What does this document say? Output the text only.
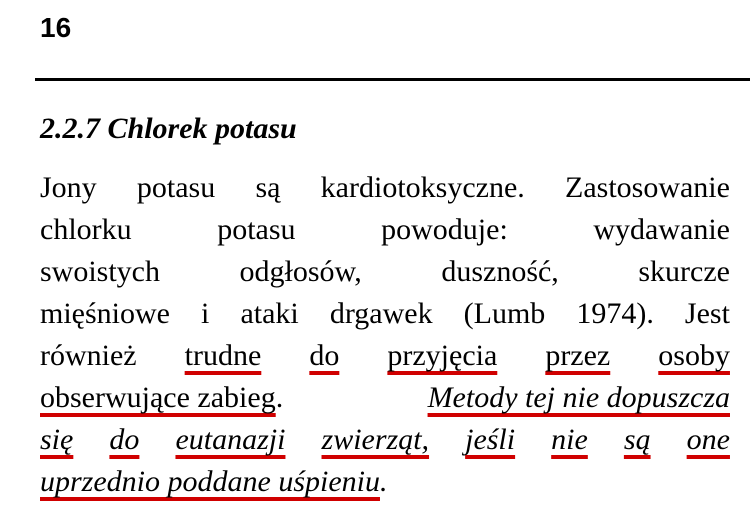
16
2.2.7 Chlorek potasu
Jony potasu są kardiotoksyczne. Zastosowanie
chlorku	potasu	powoduje:	wydawanie
swoistych	odgłosów,	duszność,	skurcze
mięśniowe i ataki drgawek (Lumb 1974). Jest
również trudne do przyjęcia przez osoby
obserwujące zabieg.	Metody tej nie dopuszcza
się do eutanazji zwierząt, jeśli nie są one
uprzednio poddane uśpieniu.
